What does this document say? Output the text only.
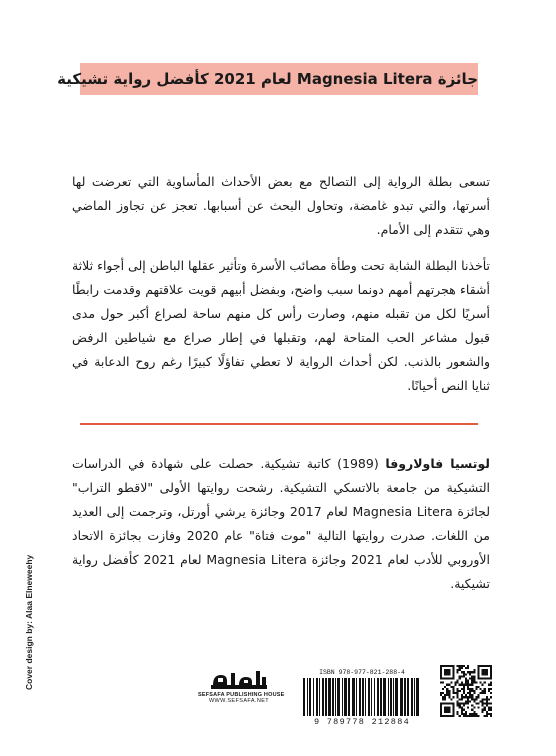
جائزة Magnesia Litera لعام 2021 كأفضل رواية تشيكية

تسعى بطلة الرواية إلى التصالح مع بعض الأحداث المأساوية التي تعرضت لها أسرتها، والتي تبدو غامضة، وتحاول البحث عن أسبابها. تعجز عن تجاوز الماضي وهي تتقدم إلى الأمام.

تأخذنا البطلة الشابة تحت وطأة مصائب الأسرة وتأثير عقلها الباطن إلى أجواء ثلاثة أشقاء هجرتهم أمهم دونما سبب واضح، وبفضل أبيهم قويت علاقتهم وقدمت رابطًا أسريًا لكل من تقبله منهم، وصارت رأس كل منهم ساحة لصراع أكبر حول مدى قبول مشاعر الحب المتاحة لهم، وتقبلها في إطار صراع مع شياطين الرفض والشعور بالذنب. لكن أحداث الرواية لا تعطي تفاؤلًا كبيرًا رغم روح الدعابة في ثنايا النص أحيانًا.

لوتسيا فاولاروفا (1989) كاتبة تشيكية. حصلت على شهادة في الدراسات التشيكية من جامعة بالاتسكي التشيكية. رشحت روايتها الأولى "لاقطو التراب" لجائزة Magnesia Litera لعام 2017 وجائزة يرشي أورتل، وترجمت إلى العديد من اللغات. صدرت روايتها التالية "موت فتاة" عام 2020 وفازت بجائزة الاتحاد الأوروبي للأدب لعام 2021 وجائزة Magnesia Litera لعام 2021 كأفضل رواية تشيكية.

Cover design by: Alaa Elneweehy
SEFSAFA PUBLISHING HOUSE
WWW.SEFSAFA.NET
ISBN 978-977-821-288-4
9 789778 212884
